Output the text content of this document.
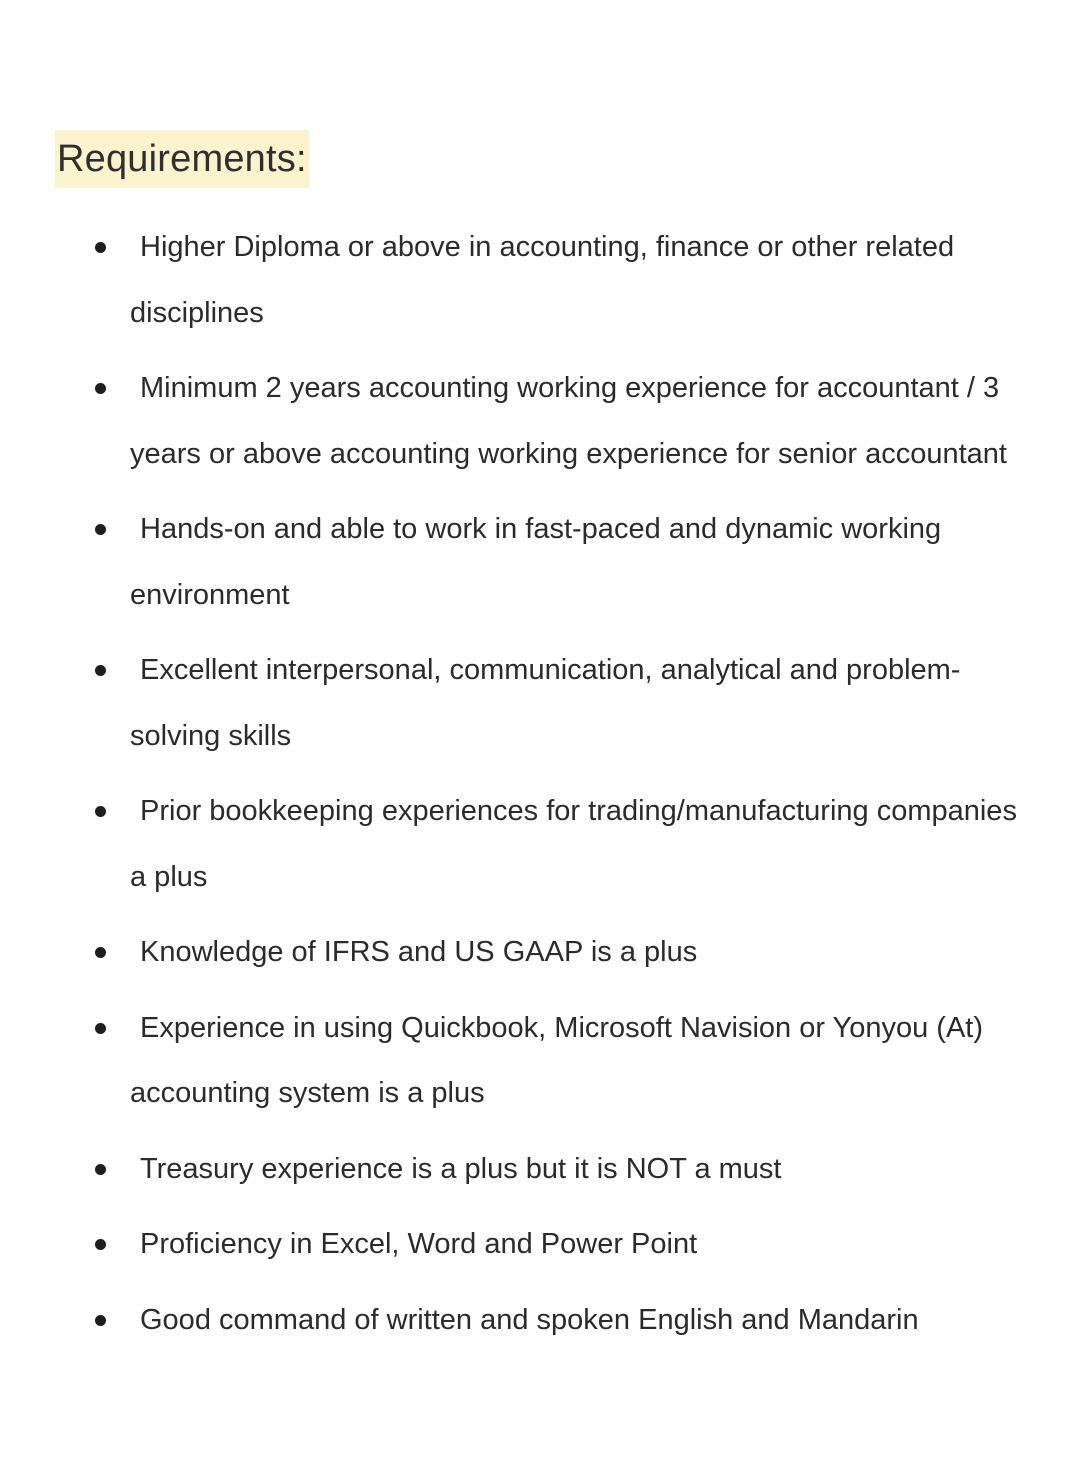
Requirements:
Higher Diploma or above in accounting, finance or other related disciplines
Minimum 2 years accounting working experience for accountant / 3 years or above accounting working experience for senior accountant
Hands-on and able to work in fast-paced and dynamic working environment
Excellent interpersonal, communication, analytical and problem-solving skills
Prior bookkeeping experiences for trading/manufacturing companies a plus
Knowledge of IFRS and US GAAP is a plus
Experience in using Quickbook, Microsoft Navision or Yonyou (At) accounting system is a plus
Treasury experience is a plus but it is NOT a must
Proficiency in Excel, Word and Power Point
Good command of written and spoken English and Mandarin
